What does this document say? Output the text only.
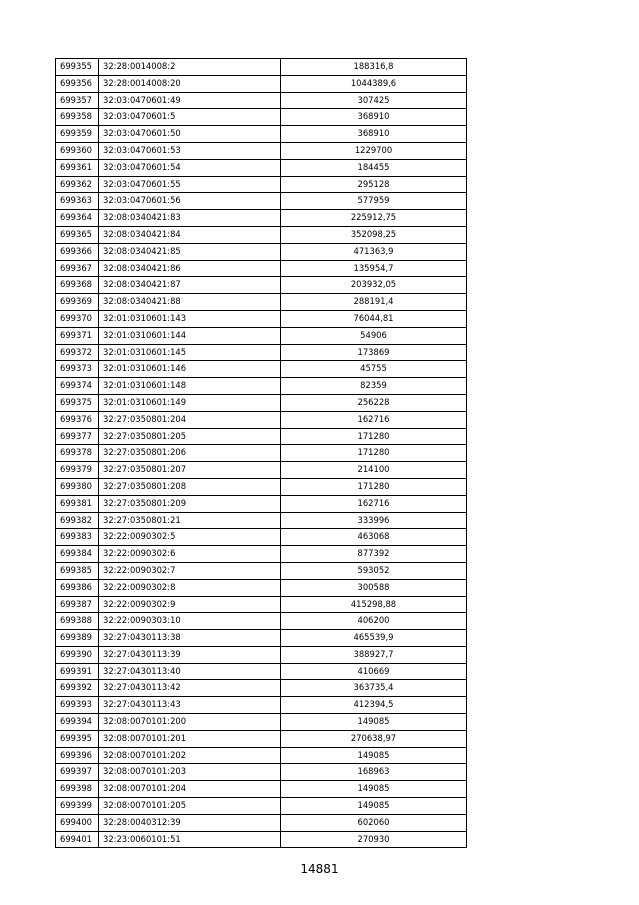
699355	32:28:0014008:2	188316,8
699356	32:28:0014008:20	1044389,6
699357	32:03:0470601:49	307425
699358	32:03:0470601:5	368910
699359	32:03:0470601:50	368910
699360	32:03:0470601:53	1229700
699361	32:03:0470601:54	184455
699362	32:03:0470601:55	295128
699363	32:03:0470601:56	577959
699364	32:08:0340421:83	225912,75
699365	32:08:0340421:84	352098,25
699366	32:08:0340421:85	471363,9
699367	32:08:0340421:86	135954,7
699368	32:08:0340421:87	203932,05
699369	32:08:0340421:88	288191,4
699370	32:01:0310601:143	76044,81
699371	32:01:0310601:144	54906
699372	32:01:0310601:145	173869
699373	32:01:0310601:146	45755
699374	32:01:0310601:148	82359
699375	32:01:0310601:149	256228
699376	32:27:0350801:204	162716
699377	32:27:0350801:205	171280
699378	32:27:0350801:206	171280
699379	32:27:0350801:207	214100
699380	32:27:0350801:208	171280
699381	32:27:0350801:209	162716
699382	32:27:0350801:21	333996
699383	32:22:0090302:5	463068
699384	32:22:0090302:6	877392
699385	32:22:0090302:7	593052
699386	32:22:0090302:8	300588
699387	32:22:0090302:9	415298,88
699388	32:22:0090303:10	406200
699389	32:27:0430113:38	465539,9
699390	32:27:0430113:39	388927,7
699391	32:27:0430113:40	410669
699392	32:27:0430113:42	363735,4
699393	32:27:0430113:43	412394,5
699394	32:08:0070101:200	149085
699395	32:08:0070101:201	270638,97
699396	32:08:0070101:202	149085
699397	32:08:0070101:203	168963
699398	32:08:0070101:204	149085
699399	32:08:0070101:205	149085
699400	32:28:0040312:39	602060
699401	32:23:0060101:51	270930
14881
